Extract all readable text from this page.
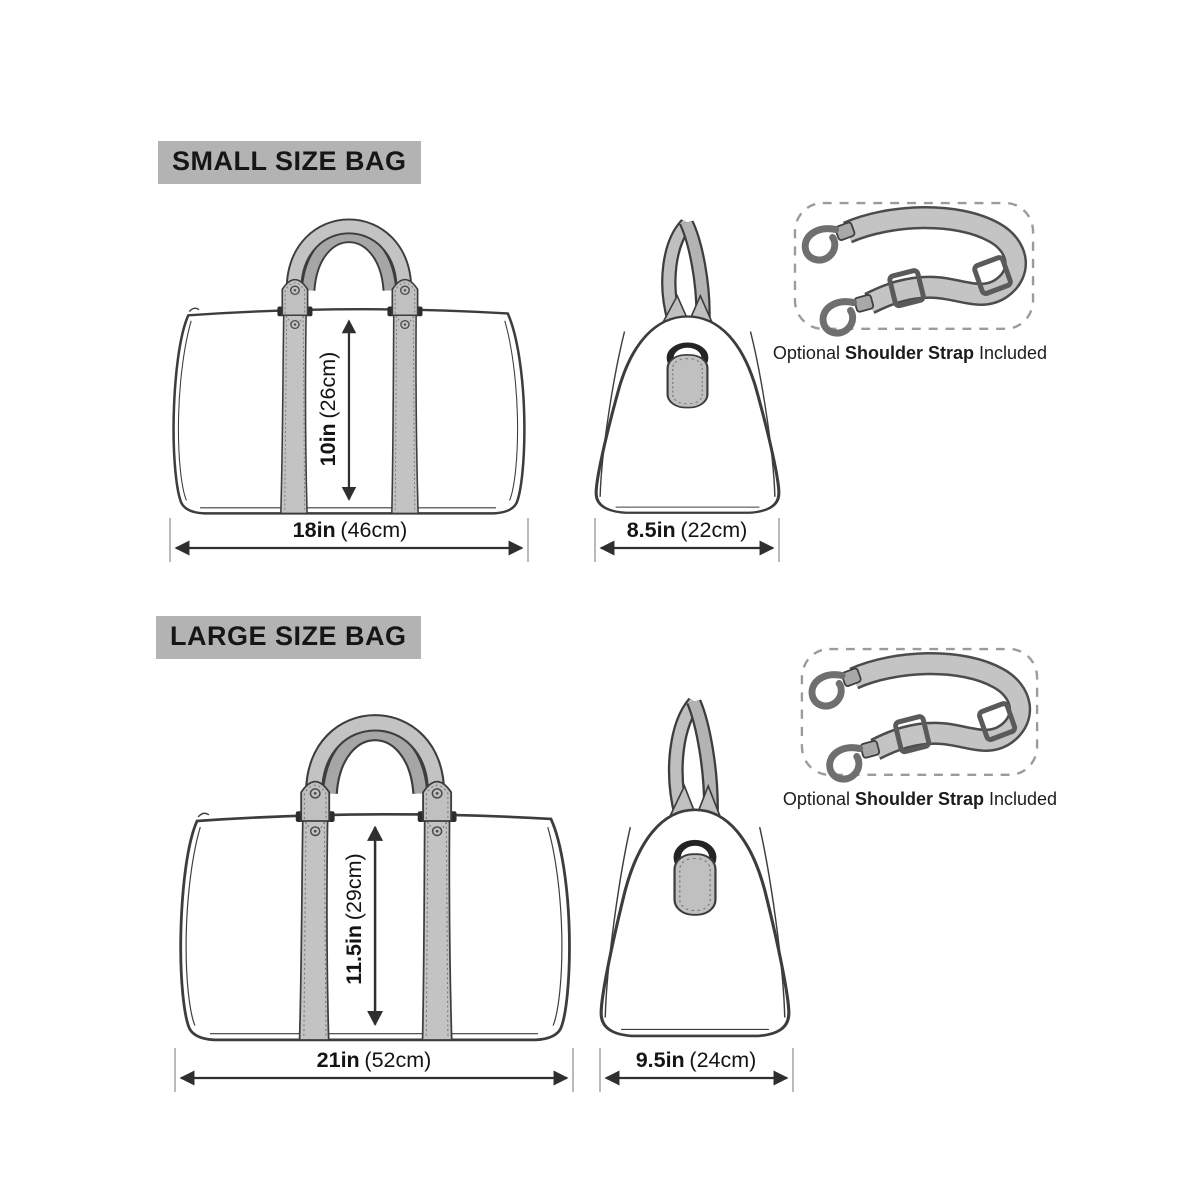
SMALL SIZE BAG
10in(26cm)
18in (46cm)	8.5in (22cm)
Optional Shoulder Strap Included
LARGE SIZE BAG
11.5in(29cm)
21in (52cm)	9.5in (24cm)
Optional Shoulder Strap Included
